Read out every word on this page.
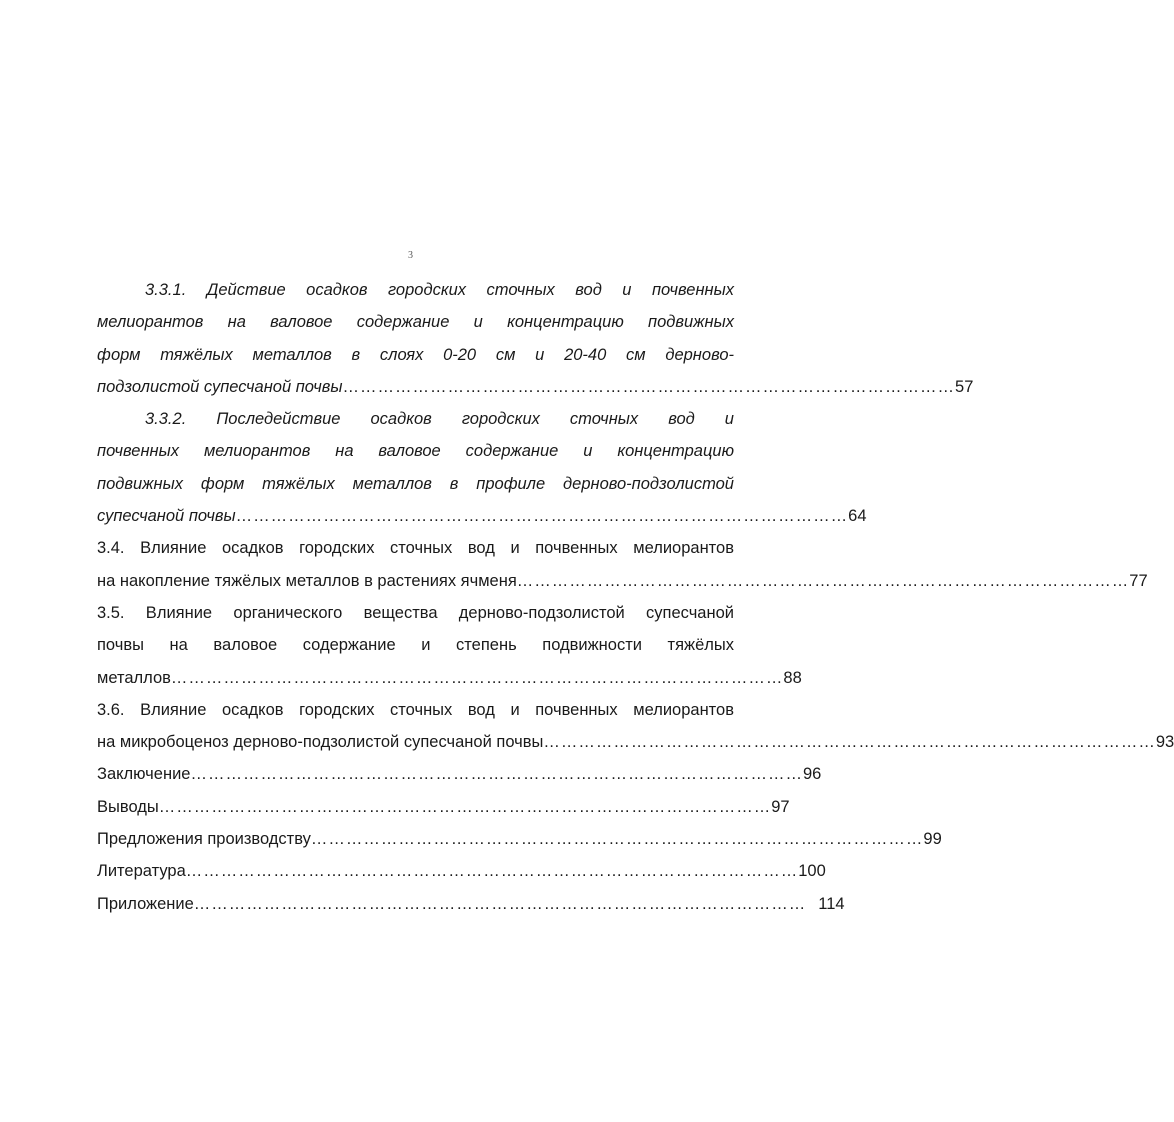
3
3.3.1. Действие осадков городских сточных вод и почвенных
мелиорантов на валовое содержание и концентрацию подвижных
форм тяжёлых металлов в слоях 0-20 см и 20-40 см дерново-
подзолистой супесчаной почвы …………………………………………………………………………………………… 57
3.3.2. Последействие осадков городских сточных вод и
почвенных мелиорантов на валовое содержание и концентрацию
подвижных форм тяжёлых металлов в профиле дерново-подзолистой
супесчаной почвы …………………………………………………………………………………………… 64
3.4. Влияние осадков городских сточных вод и почвенных мелиорантов
на накопление тяжёлых металлов в растениях ячменя …………………………………………………………………………………………… 77
3.5. Влияние органического вещества дерново-подзолистой супесчаной
почвы на валовое содержание и степень подвижности тяжёлых
металлов …………………………………………………………………………………………… 88
3.6. Влияние осадков городских сточных вод и почвенных мелиорантов
на микробоценоз дерново-подзолистой супесчаной почвы …………………………………………………………………………………………… 93
Заключение …………………………………………………………………………………………… 96
Выводы …………………………………………………………………………………………… 97
Предложения производству …………………………………………………………………………………………… 99
Литература …………………………………………………………………………………………… 100
Приложение …………………………………………………………………………………………… 114
